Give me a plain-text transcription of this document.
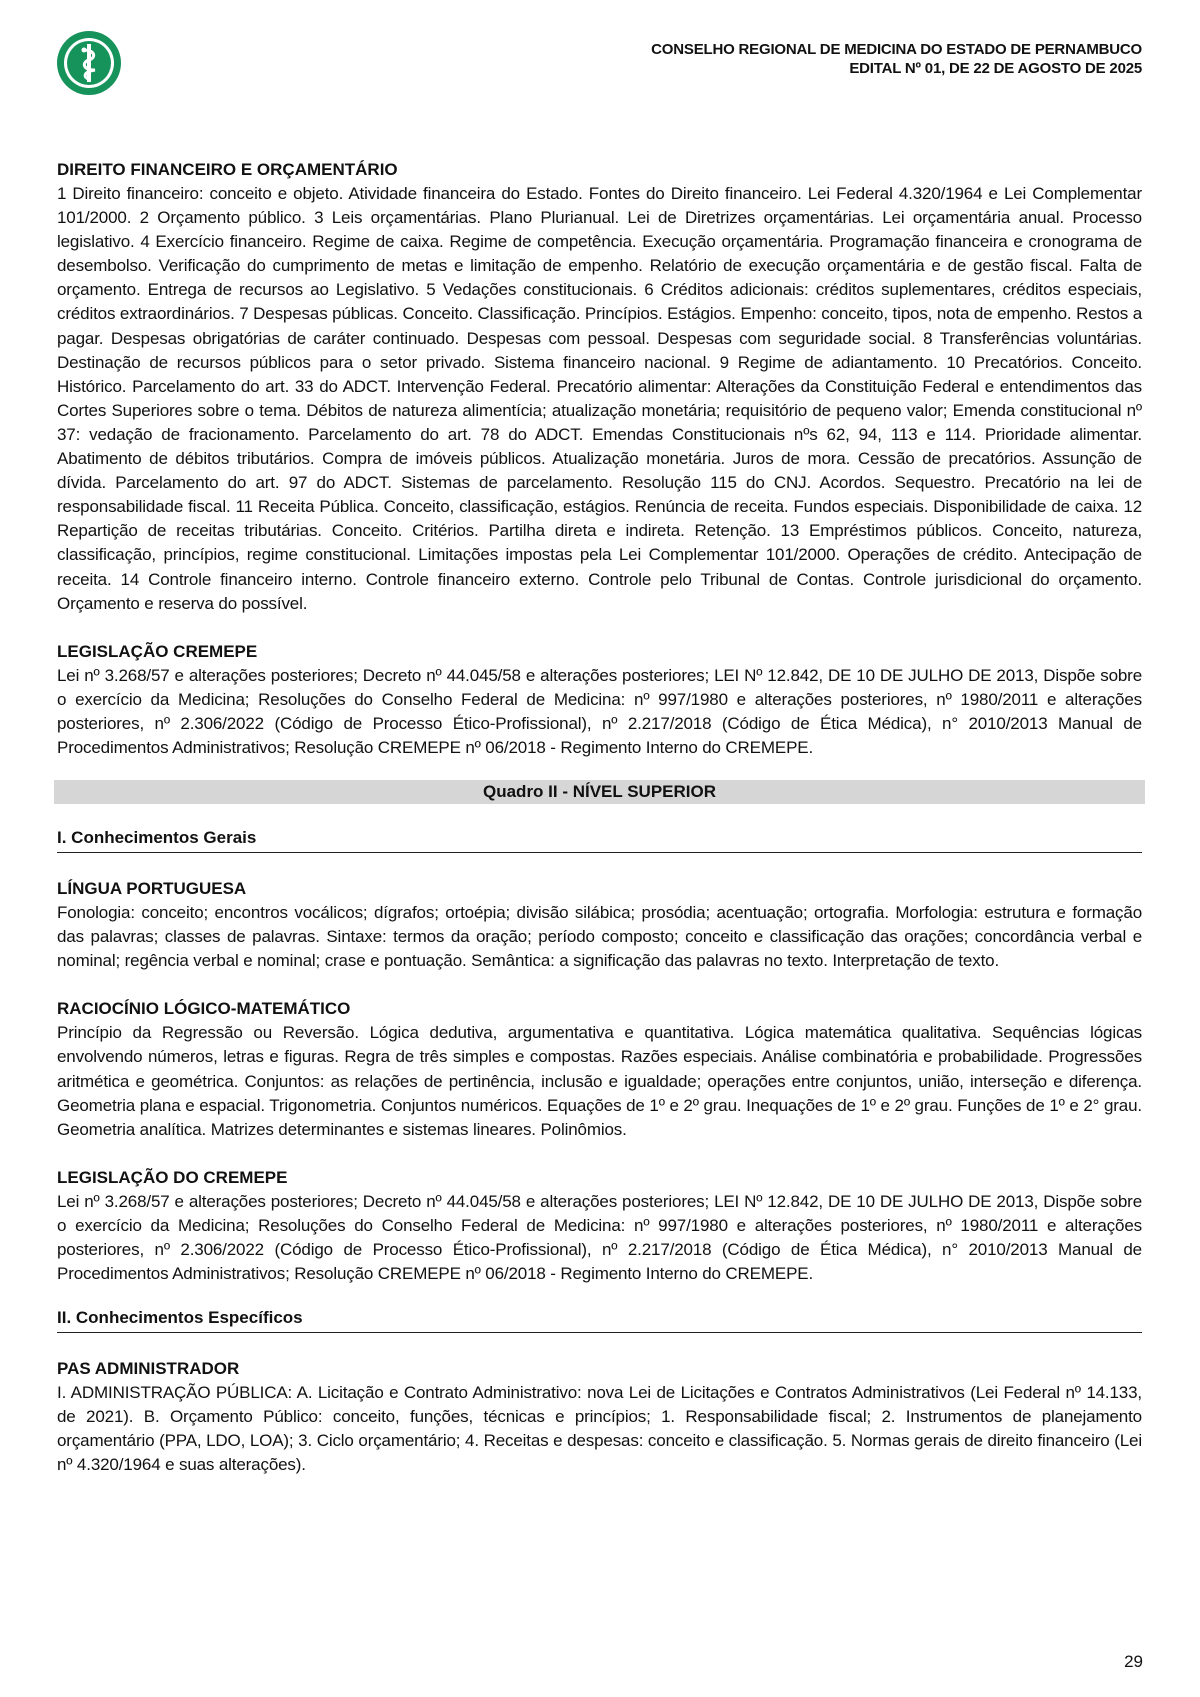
CONSELHO REGIONAL DE MEDICINA DO ESTADO DE PERNAMBUCO
EDITAL Nº 01, DE 22 DE AGOSTO DE 2025

DIREITO FINANCEIRO E ORÇAMENTÁRIO

1 Direito financeiro: conceito e objeto. Atividade financeira do Estado. Fontes do Direito financeiro. Lei Federal 4.320/1964 e Lei Complementar 101/2000. 2 Orçamento público. 3 Leis orçamentárias. Plano Plurianual. Lei de Diretrizes orçamentárias. Lei orçamentária anual. Processo legislativo. 4 Exercício financeiro. Regime de caixa. Regime de competência. Execução orçamentária. Programação financeira e cronograma de desembolso. Verificação do cumprimento de metas e limitação de empenho. Relatório de execução orçamentária e de gestão fiscal. Falta de orçamento. Entrega de recursos ao Legislativo. 5 Vedações constitucionais. 6 Créditos adicionais: créditos suplementares, créditos especiais, créditos extraordinários. 7 Despesas públicas. Conceito. Classificação. Princípios. Estágios. Empenho: conceito, tipos, nota de empenho. Restos a pagar. Despesas obrigatórias de caráter continuado. Despesas com pessoal. Despesas com seguridade social. 8 Transferências voluntárias. Destinação de recursos públicos para o setor privado. Sistema financeiro nacional. 9 Regime de adiantamento. 10 Precatórios. Conceito. Histórico. Parcelamento do art. 33 do ADCT. Intervenção Federal. Precatório alimentar: Alterações da Constituição Federal e entendimentos das Cortes Superiores sobre o tema. Débitos de natureza alimentícia; atualização monetária; requisitório de pequeno valor; Emenda constitucional nº 37: vedação de fracionamento. Parcelamento do art. 78 do ADCT. Emendas Constitucionais nºs 62, 94, 113 e 114. Prioridade alimentar. Abatimento de débitos tributários. Compra de imóveis públicos. Atualização monetária. Juros de mora. Cessão de precatórios. Assunção de dívida. Parcelamento do art. 97 do ADCT. Sistemas de parcelamento. Resolução 115 do CNJ. Acordos. Sequestro. Precatório na lei de responsabilidade fiscal. 11 Receita Pública. Conceito, classificação, estágios. Renúncia de receita. Fundos especiais. Disponibilidade de caixa. 12 Repartição de receitas tributárias. Conceito. Critérios. Partilha direta e indireta. Retenção. 13 Empréstimos públicos. Conceito, natureza, classificação, princípios, regime constitucional. Limitações impostas pela Lei Complementar 101/2000. Operações de crédito. Antecipação de receita. 14 Controle financeiro interno. Controle financeiro externo. Controle pelo Tribunal de Contas. Controle jurisdicional do orçamento. Orçamento e reserva do possível.

LEGISLAÇÃO CREMEPE

Lei nº 3.268/57 e alterações posteriores; Decreto nº 44.045/58 e alterações posteriores; LEI Nº 12.842, DE 10 DE JULHO DE 2013, Dispõe sobre o exercício da Medicina; Resoluções do Conselho Federal de Medicina: nº 997/1980 e alterações posteriores, nº 1980/2011 e alterações posteriores, nº 2.306/2022 (Código de Processo Ético-Profissional), nº 2.217/2018 (Código de Ética Médica), n° 2010/2013 Manual de Procedimentos Administrativos; Resolução CREMEPE nº 06/2018 - Regimento Interno do CREMEPE.

Quadro II - NÍVEL SUPERIOR
I. Conhecimentos Gerais

LÍNGUA PORTUGUESA

Fonologia: conceito; encontros vocálicos; dígrafos; ortoépia; divisão silábica; prosódia; acentuação; ortografia. Morfologia: estrutura e formação das palavras; classes de palavras. Sintaxe: termos da oração; período composto; conceito e classificação das orações; concordância verbal e nominal; regência verbal e nominal; crase e pontuação. Semântica: a significação das palavras no texto. Interpretação de texto.

RACIOCÍNIO LÓGICO-MATEMÁTICO

Princípio da Regressão ou Reversão. Lógica dedutiva, argumentativa e quantitativa. Lógica matemática qualitativa. Sequências lógicas envolvendo números, letras e figuras. Regra de três simples e compostas. Razões especiais. Análise combinatória e probabilidade. Progressões aritmética e geométrica. Conjuntos: as relações de pertinência, inclusão e igualdade; operações entre conjuntos, união, interseção e diferença. Geometria plana e espacial. Trigonometria. Conjuntos numéricos. Equações de 1º e 2º grau. Inequações de 1º e 2º grau. Funções de 1º e 2° grau. Geometria analítica. Matrizes determinantes e sistemas lineares. Polinômios.

LEGISLAÇÃO DO CREMEPE

Lei nº 3.268/57 e alterações posteriores; Decreto nº 44.045/58 e alterações posteriores; LEI Nº 12.842, DE 10 DE JULHO DE 2013, Dispõe sobre o exercício da Medicina; Resoluções do Conselho Federal de Medicina: nº 997/1980 e alterações posteriores, nº 1980/2011 e alterações posteriores, nº 2.306/2022 (Código de Processo Ético-Profissional), nº 2.217/2018 (Código de Ética Médica), n° 2010/2013 Manual de Procedimentos Administrativos; Resolução CREMEPE nº 06/2018 - Regimento Interno do CREMEPE.

II. Conhecimentos Específicos

PAS ADMINISTRADOR

I. ADMINISTRAÇÃO PÚBLICA: A. Licitação e Contrato Administrativo: nova Lei de Licitações e Contratos Administrativos (Lei Federal nº 14.133, de 2021). B. Orçamento Público: conceito, funções, técnicas e princípios; 1. Responsabilidade fiscal; 2. Instrumentos de planejamento orçamentário (PPA, LDO, LOA); 3. Ciclo orçamentário; 4. Receitas e despesas: conceito e classificação. 5. Normas gerais de direito financeiro (Lei nº 4.320/1964 e suas alterações).

29
